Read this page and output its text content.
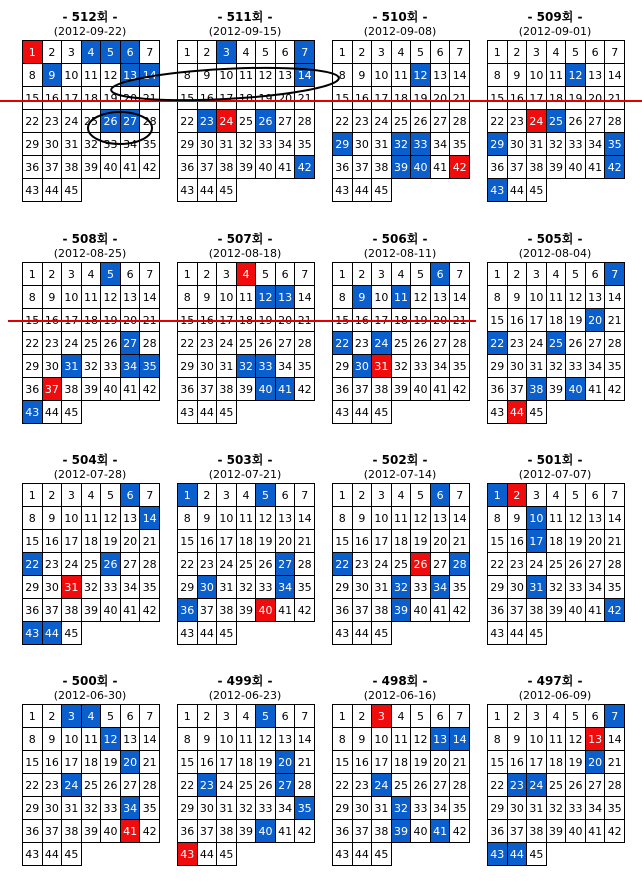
- 512회 -
(2012-09-22)
1	2	3	4	5	6	7
8	9	10	11	12	13	14
15	16	17	18	19	20	21
22	23	24	25	26	27	28
29	30	31	32	33	34	35
36	37	38	39	40	41	42
43	44	45				
- 511회 -
(2012-09-15)
1	2	3	4	5	6	7
8	9	10	11	12	13	14
15	16	17	18	19	20	21
22	23	24	25	26	27	28
29	30	31	32	33	34	35
36	37	38	39	40	41	42
43	44	45				
- 510회 -
(2012-09-08)
1	2	3	4	5	6	7
8	9	10	11	12	13	14
15	16	17	18	19	20	21
22	23	24	25	26	27	28
29	30	31	32	33	34	35
36	37	38	39	40	41	42
43	44	45				
- 509회 -
(2012-09-01)
1	2	3	4	5	6	7
8	9	10	11	12	13	14
15	16	17	18	19	20	21
22	23	24	25	26	27	28
29	30	31	32	33	34	35
36	37	38	39	40	41	42
43	44	45				
- 508회 -
(2012-08-25)
1	2	3	4	5	6	7
8	9	10	11	12	13	14
15	16	17	18	19	20	21
22	23	24	25	26	27	28
29	30	31	32	33	34	35
36	37	38	39	40	41	42
43	44	45				
- 507회 -
(2012-08-18)
1	2	3	4	5	6	7
8	9	10	11	12	13	14
15	16	17	18	19	20	21
22	23	24	25	26	27	28
29	30	31	32	33	34	35
36	37	38	39	40	41	42
43	44	45				
- 506회 -
(2012-08-11)
1	2	3	4	5	6	7
8	9	10	11	12	13	14
15	16	17	18	19	20	21
22	23	24	25	26	27	28
29	30	31	32	33	34	35
36	37	38	39	40	41	42
43	44	45				
- 505회 -
(2012-08-04)
1	2	3	4	5	6	7
8	9	10	11	12	13	14
15	16	17	18	19	20	21
22	23	24	25	26	27	28
29	30	31	32	33	34	35
36	37	38	39	40	41	42
43	44	45				
- 504회 -
(2012-07-28)
1	2	3	4	5	6	7
8	9	10	11	12	13	14
15	16	17	18	19	20	21
22	23	24	25	26	27	28
29	30	31	32	33	34	35
36	37	38	39	40	41	42
43	44	45				
- 503회 -
(2012-07-21)
1	2	3	4	5	6	7
8	9	10	11	12	13	14
15	16	17	18	19	20	21
22	23	24	25	26	27	28
29	30	31	32	33	34	35
36	37	38	39	40	41	42
43	44	45				
- 502회 -
(2012-07-14)
1	2	3	4	5	6	7
8	9	10	11	12	13	14
15	16	17	18	19	20	21
22	23	24	25	26	27	28
29	30	31	32	33	34	35
36	37	38	39	40	41	42
43	44	45				
- 501회 -
(2012-07-07)
1	2	3	4	5	6	7
8	9	10	11	12	13	14
15	16	17	18	19	20	21
22	23	24	25	26	27	28
29	30	31	32	33	34	35
36	37	38	39	40	41	42
43	44	45				
- 500회 -
(2012-06-30)
1	2	3	4	5	6	7
8	9	10	11	12	13	14
15	16	17	18	19	20	21
22	23	24	25	26	27	28
29	30	31	32	33	34	35
36	37	38	39	40	41	42
43	44	45				
- 499회 -
(2012-06-23)
1	2	3	4	5	6	7
8	9	10	11	12	13	14
15	16	17	18	19	20	21
22	23	24	25	26	27	28
29	30	31	32	33	34	35
36	37	38	39	40	41	42
43	44	45				
- 498회 -
(2012-06-16)
1	2	3	4	5	6	7
8	9	10	11	12	13	14
15	16	17	18	19	20	21
22	23	24	25	26	27	28
29	30	31	32	33	34	35
36	37	38	39	40	41	42
43	44	45				
- 497회 -
(2012-06-09)
1	2	3	4	5	6	7
8	9	10	11	12	13	14
15	16	17	18	19	20	21
22	23	24	25	26	27	28
29	30	31	32	33	34	35
36	37	38	39	40	41	42
43	44	45				
